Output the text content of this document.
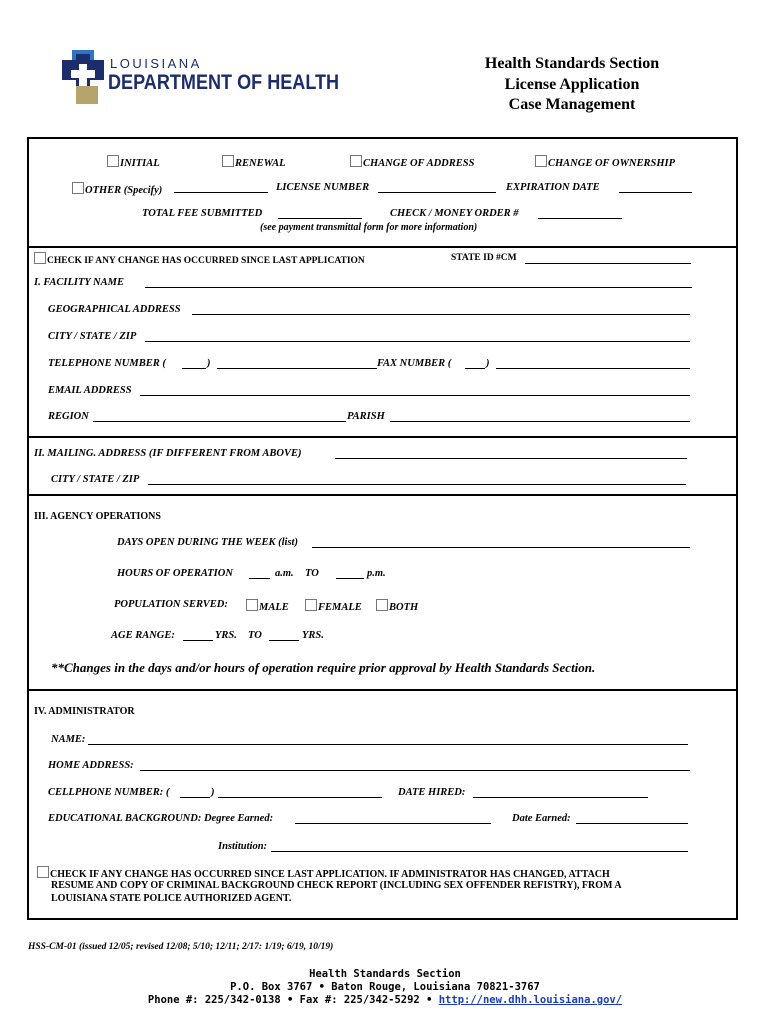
LOUISIANA
DEPARTMENT OF HEALTH
Health Standards Section
License Application
Case Management
INITIAL	RENEWAL	CHANGE OF ADDRESS	CHANGE OF OWNERSHIP
OTHER (Specify)	LICENSE NUMBER	EXPIRATION DATE
TOTAL FEE SUBMITTED	CHECK / MONEY ORDER #
(see payment transmittal form for more information)
CHECK IF ANY CHANGE HAS OCCURRED SINCE LAST APPLICATION	STATE ID #CM
I. FACILITY NAME
GEOGRAPHICAL ADDRESS
CITY / STATE / ZIP
TELEPHONE NUMBER (	)	FAX NUMBER (	)
EMAIL ADDRESS
REGION	PARISH
II. MAILING. ADDRESS (IF DIFFERENT FROM ABOVE)
CITY / STATE / ZIP
III. AGENCY OPERATIONS
DAYS OPEN DURING THE WEEK (list)
HOURS OF OPERATION	a.m. TO	p.m.
POPULATION SERVED:	MALE	FEMALE	BOTH
AGE RANGE:	YRS. TO	YRS.
**Changes in the days and/or hours of operation require prior approval by Health Standards Section.
IV. ADMINISTRATOR
NAME:
HOME ADDRESS:
CELLPHONE NUMBER: (	)	DATE HIRED:
EDUCATIONAL BACKGROUND: Degree Earned:	Date Earned:
Institution:
CHECK IF ANY CHANGE HAS OCCURRED SINCE LAST APPLICATION. IF ADMINISTRATOR HAS CHANGED, ATTACH
RESUME AND COPY OF CRIMINAL BACKGROUND CHECK REPORT (INCLUDING SEX OFFENDER REFISTRY), FROM A
LOUISIANA STATE POLICE AUTHORIZED AGENT.
HSS-CM-01 (issued 12/05; revised 12/08; 5/10; 12/11; 2/17: 1/19; 6/19, 10/19)
Health Standards Section
P.O. Box 3767 • Baton Rouge, Louisiana 70821-3767
Phone #: 225/342-0138 • Fax #: 225/342-5292 • http://new.dhh.louisiana.gov/
